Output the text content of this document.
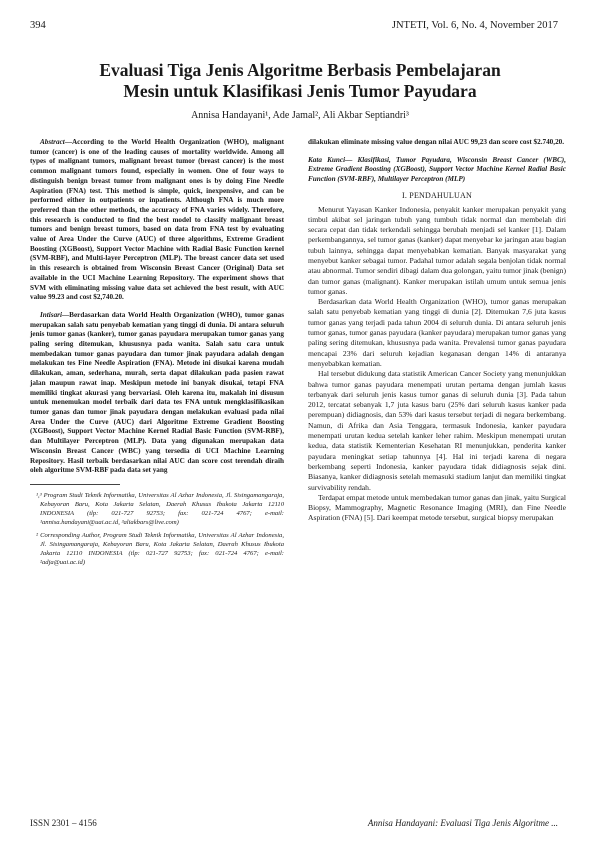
394	JNTETI, Vol. 6, No. 4, November 2017
Evaluasi Tiga Jenis Algoritme Berbasis Pembelajaran
Mesin untuk Klasifikasi Jenis Tumor Payudara
Annisa Handayani¹, Ade Jamal², Ali Akbar Septiandri³

Abstract—According to the World Health Organization (WHO), malignant tumor (cancer) is one of the leading causes of mortality worldwide. Among all types of malignant tumors, malignant breast tumor (breast cancer) is the most common malignant tumors found, especially in women. One of four ways to distinguish benign breast tumor from malignant ones is by doing Fine Needle Aspiration (FNA) test. This method is simple, quick, inexpensive, and can be performed either in outpatients or inpatients. Although FNA is much more preferred than the other methods, the accuracy of FNA varies widely. Therefore, this research is conducted to find the best model to classify malignant breast tumors and benign breast tumors, based on data from FNA test by evaluating value of Area Under the Curve (AUC) of three algorithms, Extreme Gradient Boosting (XGBoost), Support Vector Machine with Radial Basic Function kernel (SVM-RBF), and Multi-layer Perceptron (MLP). The breast cancer data set used in this research is obtained from Wisconsin Breast Cancer (Original) Data set available in the UCI Machine Learning Repository. The experiment shows that SVM with eliminating missing value data set achieved the best result, with AUC value 99.23 and cost $2,740.20.

Intisari—Berdasarkan data World Health Organization (WHO), tumor ganas merupakan salah satu penyebab kematian yang tinggi di dunia. Di antara seluruh jenis tumor ganas (kanker), tumor ganas payudara merupakan tumor ganas yang paling sering ditemukan, khususnya pada wanita. Salah satu cara untuk membedakan tumor ganas payudara dan tumor jinak payudara adalah dengan melakukan tes Fine Needle Aspiration (FNA). Metode ini disukai karena mudah dilakukan, aman, sederhana, murah, serta dapat dilakukan pada pasien rawat jalan maupun rawat inap. Meskipun metode ini banyak disukai, tetapi FNA memiliki tingkat akurasi yang bervariasi. Oleh karena itu, makalah ini disusun untuk menemukan model terbaik dari data tes FNA untuk mengklasifikasikan tumor ganas dan tumor jinak payudara dengan melakukan evaluasi pada nilai Area Under the Curve (AUC) dari Algoritme Extreme Gradient Boosting (XGBoost), Support Vector Machine Kernel Radial Basic Function (SVM-RBF), dan Multilayer Perceptron (MLP). Data yang digunakan merupakan data Wisconsin Breast Cancer (WBC) yang tersedia di UCI Machine Learning Repository. Hasil terbaik berdasarkan nilai AUC dan score cost terendah diraih oleh algoritme SVM-RBF pada data set yang

¹,³ Program Studi Teknik Informatika, Universitas Al Azhar Indonesia, Jl. Sisingamangaraja, Kebayoran Baru, Kota Jakarta Selatan, Daerah Khusus Ibukota Jakarta 12110 INDONESIA (tlp: 021-727 92753; fax: 021-724 4767; e-mail: ¹annisa.handayani@uai.ac.id, ³aliakbars@live.com)

² Corresponding Author, Program Studi Teknik Informatika, Universitas Al Azhar Indonesia, Jl. Sisingamangaraja, Kebayoran Baru, Kota Jakarta Selatan, Daerah Khusus Ibukota Jakarta 12110 INDONESIA (tlp: 021-727 92753; fax: 021-724 4767; e-mail: ²adja@uai.ac.id)

dilakukan eliminate missing value dengan nilai AUC 99,23 dan score cost $2.740,20.

Kata Kunci— Klasifikasi, Tumor Payudara, Wisconsin Breast Cancer (WBC), Extreme Gradient Boosting (XGBoost), Support Vector Machine Kernel Radial Basic Function (SVM-RBF), Multilayer Perceptron (MLP)

I. PENDAHULUAN

Menurut Yayasan Kanker Indonesia, penyakit kanker merupakan penyakit yang timbul akibat sel jaringan tubuh yang tumbuh tidak normal dan membelah diri secara cepat dan tidak terkendali sehingga berubah menjadi sel kanker [1]. Dalam perkembangannya, sel tumor ganas (kanker) dapat menyebar ke jaringan atau bagian tubuh lainnya, sehingga dapat menyebabkan kematian. Banyak masyarakat yang menyebut kanker sebagai tumor. Padahal tumor adalah segala benjolan tidak normal atau abnormal. Tumor sendiri dibagi dalam dua golongan, yaitu tumor jinak (benign) dan tumor ganas (malignant). Kanker merupakan istilah umum untuk semua jenis tumor ganas.

Berdasarkan data World Health Organization (WHO), tumor ganas merupakan salah satu penyebab kematian yang tinggi di dunia [2]. Ditemukan 7,6 juta kasus tumor ganas yang terjadi pada tahun 2004 di seluruh dunia. Di antara seluruh jenis tumor ganas, tumor ganas payudara (kanker payudara) merupakan tumor ganas yang paling sering ditemukan, khususnya pada wanita. Prevalensi tumor ganas payudara mencapai 23% dari seluruh kejadian keganasan dengan 14% di antaranya menyebabkan kematian.

Hal tersebut didukung data statistik American Cancer Society yang menunjukkan bahwa tumor ganas payudara menempati urutan pertama dengan jumlah kasus terbanyak dari seluruh jenis kasus tumor ganas di seluruh dunia [3]. Pada tahun 2012, tercatat sebanyak 1,7 juta kasus baru (25% dari seluruh kasus kanker pada perempuan) didiagnosis, dan 53% dari kasus tersebut terjadi di negara berkembang. Namun, di Afrika dan Asia Tenggara, termasuk Indonesia, kanker payudara menempati urutan kedua setelah kanker leher rahim. Meskipun menempati urutan kedua, data statistik Kementerian Kesehatan RI menunjukkan, penderita kanker payudara meningkat setiap tahunnya [4]. Hal ini terjadi karena di negara berkembang seperti Indonesia, kanker payudara tidak didiagnosis sejak dini. Biasanya, kanker didiagnosis setelah memasuki stadium lanjut dan memiliki tingkat survivability rendah.

Terdapat empat metode untuk membedakan tumor ganas dan jinak, yaitu Surgical Biopsy, Mammography, Magnetic Resonance Imaging (MRI), dan Fine Needle Aspiration (FNA) [5]. Dari keempat metode tersebut, surgical biopsy merupakan

ISSN 2301 – 4156	Annisa Handayani: Evaluasi Tiga Jenis Algoritme ...
